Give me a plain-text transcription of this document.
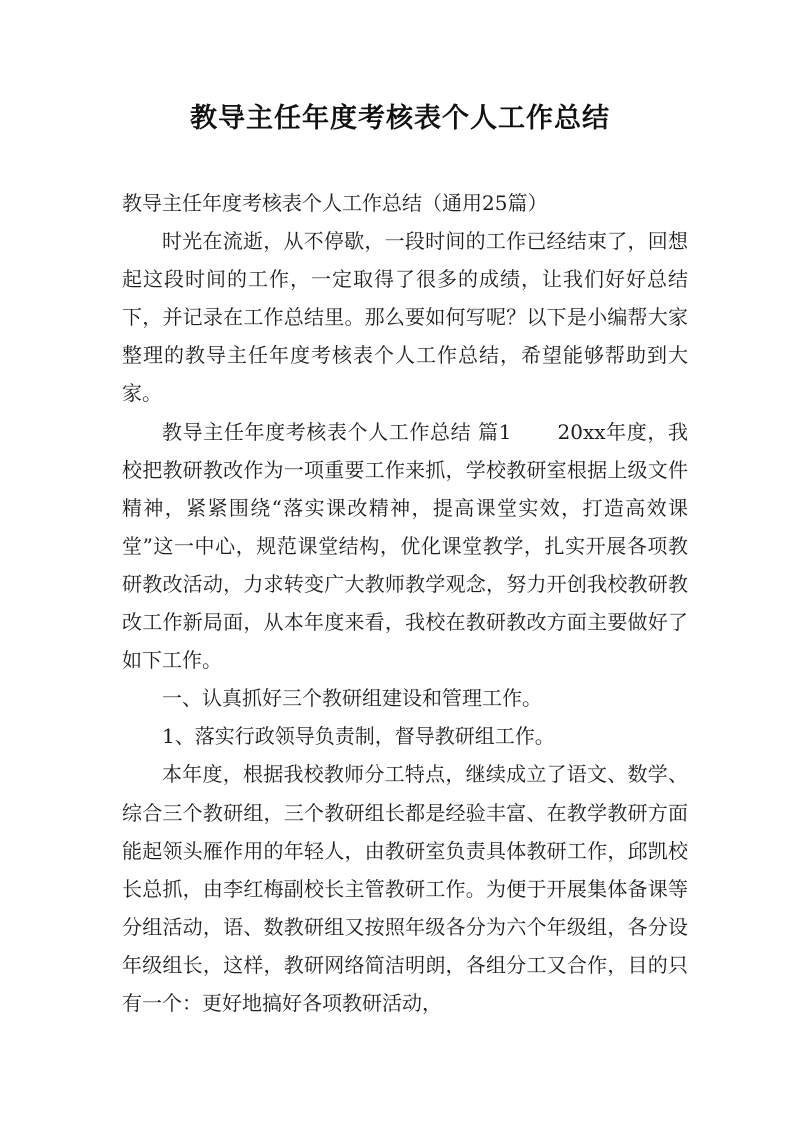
教导主任年度考核表个人工作总结

教导主任年度考核表个人工作总结（通用25篇）

时光在流逝，从不停歇，一段时间的工作已经结束了，回想起这段时间的工作，一定取得了很多的成绩，让我们好好总结下，并记录在工作总结里。那么要如何写呢？以下是小编帮大家整理的教导主任年度考核表个人工作总结，希望能够帮助到大家。

教导主任年度考核表个人工作总结 篇1 20xx年度，我校把教研教改作为一项重要工作来抓，学校教研室根据上级文件精神，紧紧围绕“落实课改精神，提高课堂实效，打造高效课堂”这一中心，规范课堂结构，优化课堂教学，扎实开展各项教研教改活动，力求转变广大教师教学观念，努力开创我校教研教改工作新局面，从本年度来看，我校在教研教改方面主要做好了如下工作。

一、认真抓好三个教研组建设和管理工作。

1、落实行政领导负责制，督导教研组工作。

本年度，根据我校教师分工特点，继续成立了语文、数学、综合三个教研组，三个教研组长都是经验丰富、在教学教研方面能起领头雁作用的年轻人，由教研室负责具体教研工作，邱凯校长总抓，由李红梅副校长主管教研工作。为便于开展集体备课等分组活动，语、数教研组又按照年级各分为六个年级组，各分设年级组长，这样，教研网络简洁明朗，各组分工又合作，目的只有一个：更好地搞好各项教研活动，
